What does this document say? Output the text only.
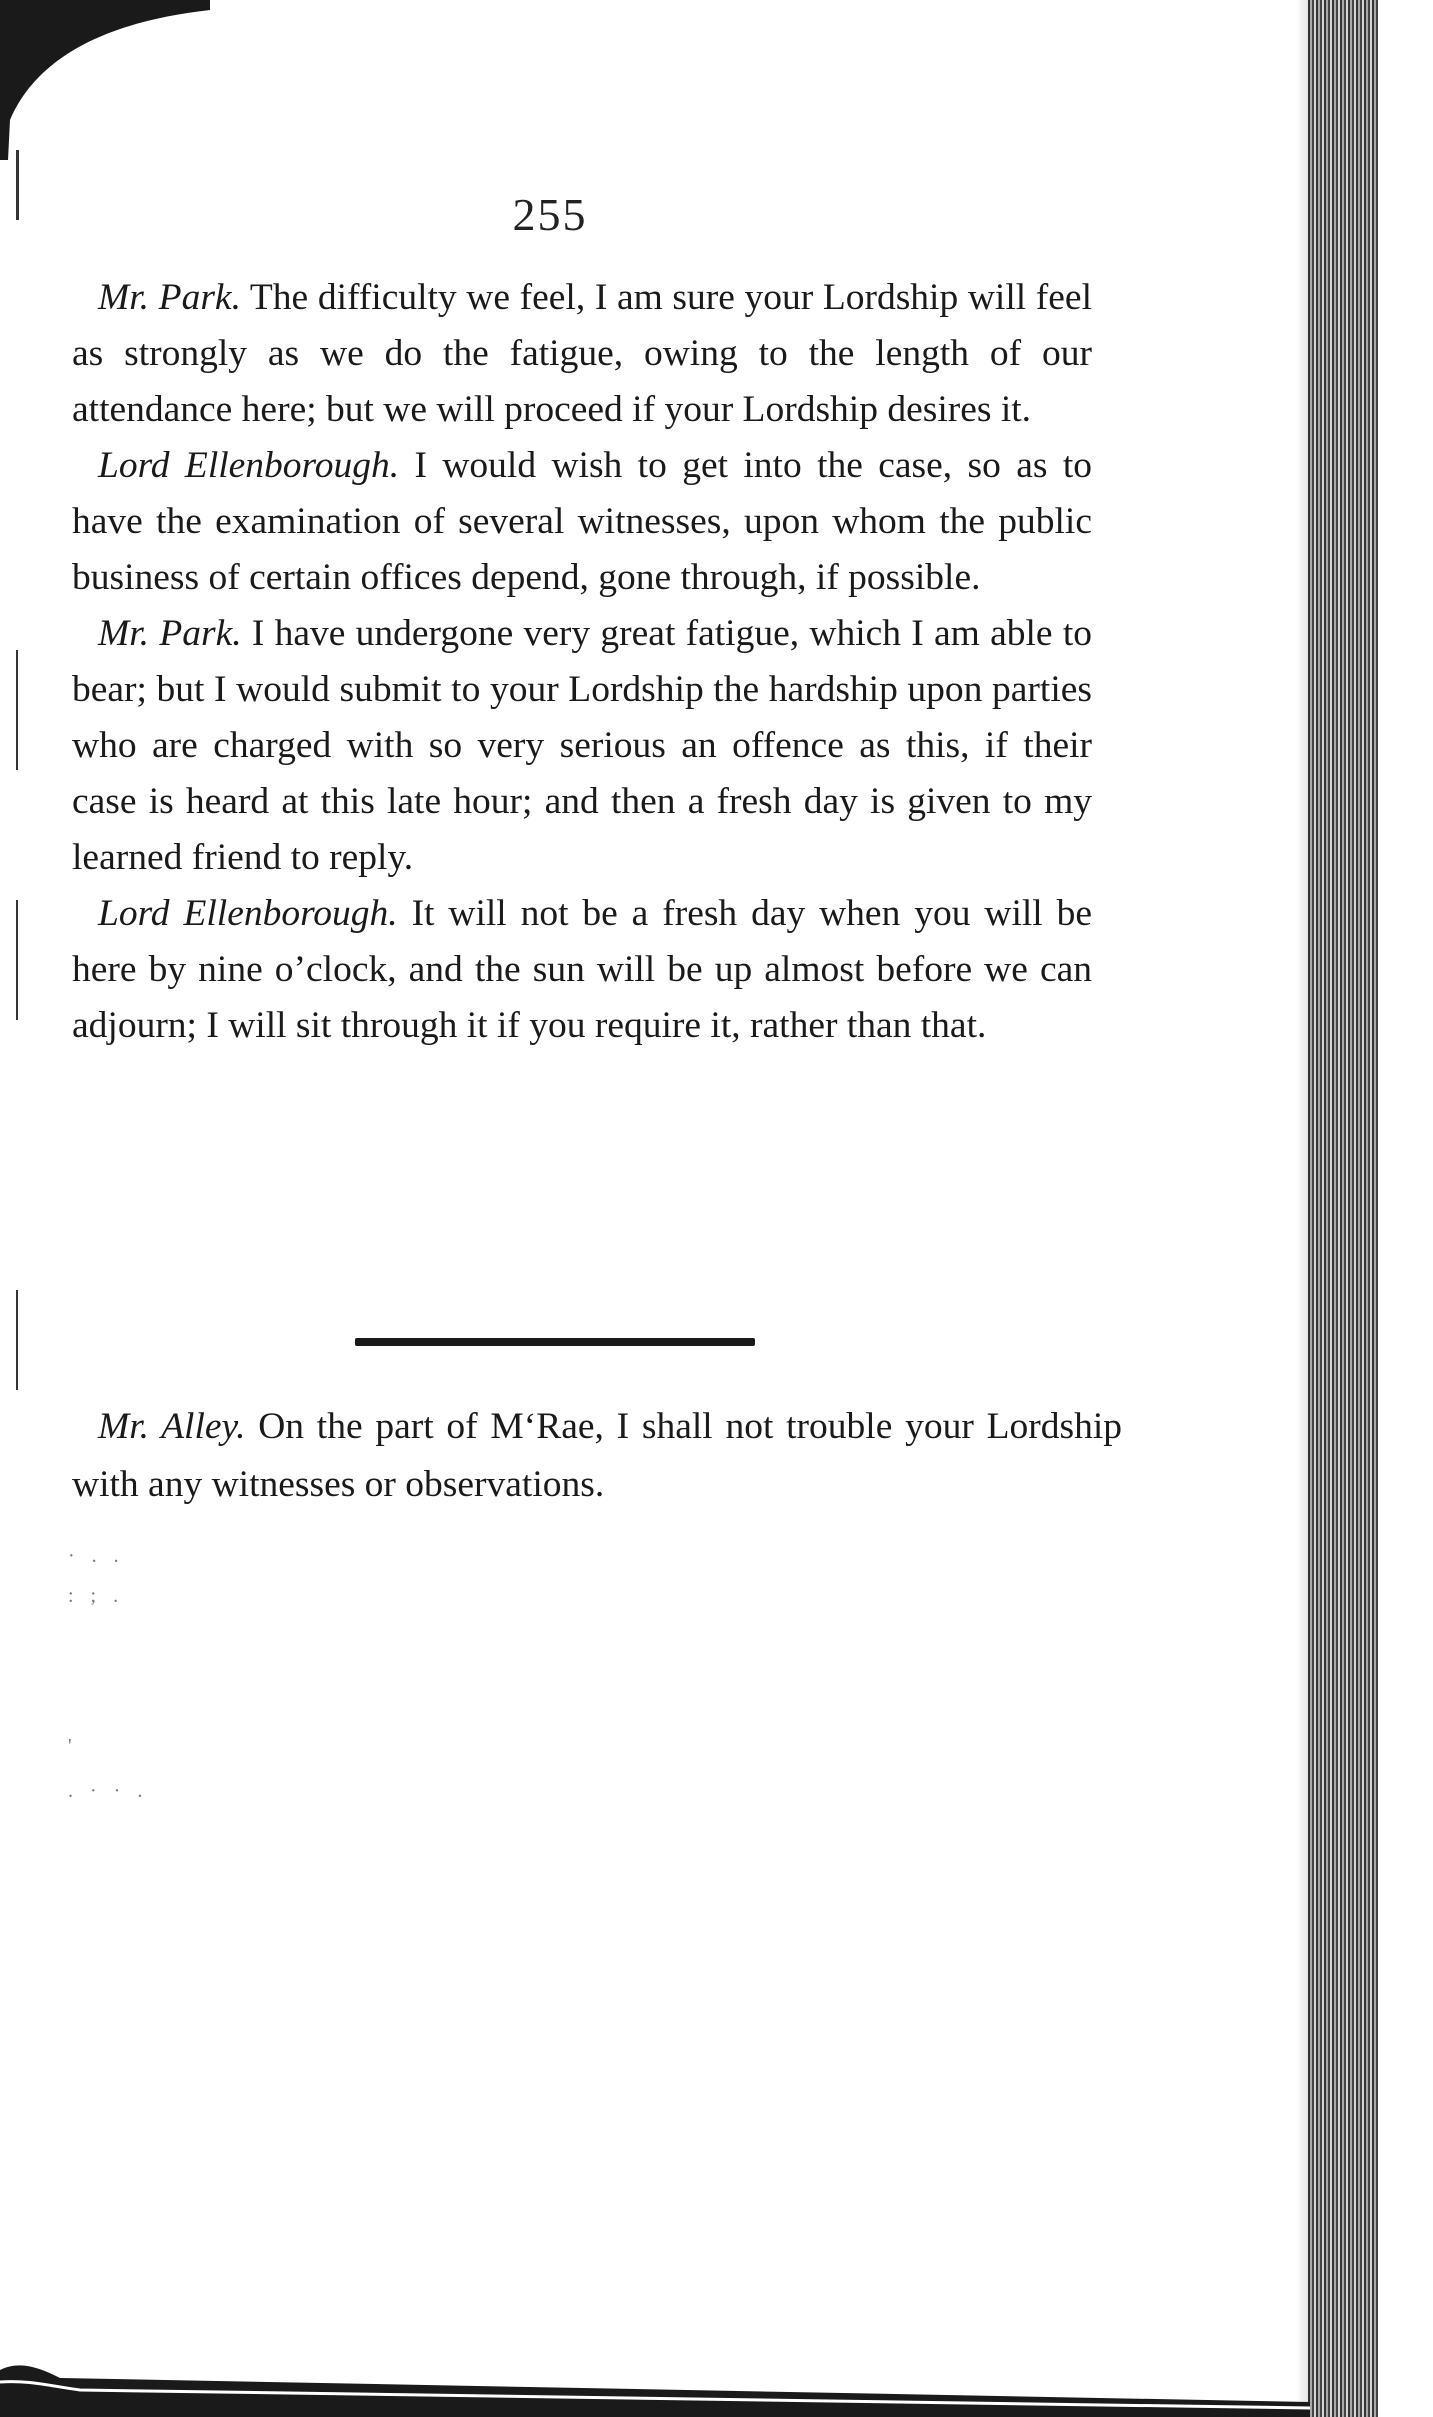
255

Mr. Park. The difficulty we feel, I am sure your Lordship will feel as strongly as we do the fatigue, owing to the length of our attendance here; but we will proceed if your Lordship desires it.

Lord Ellenborough. I would wish to get into the case, so as to have the examination of several witnesses, upon whom the public business of certain offices depend, gone through, if possible.

Mr. Park. I have undergone very great fatigue, which I am able to bear; but I would submit to your Lordship the hardship upon parties who are charged with so very serious an offence as this, if their case is heard at this late hour; and then a fresh day is given to my learned friend to reply.

Lord Ellenborough. It will not be a fresh day when you will be here by nine o’clock, and the sun will be up almost before we can adjourn; I will sit through it if you require it, rather than that.

Mr. Alley. On the part of M‘Rae, I shall not trouble your Lordship with any witnesses or observations.

· . .
: ; .
'
. · · .
